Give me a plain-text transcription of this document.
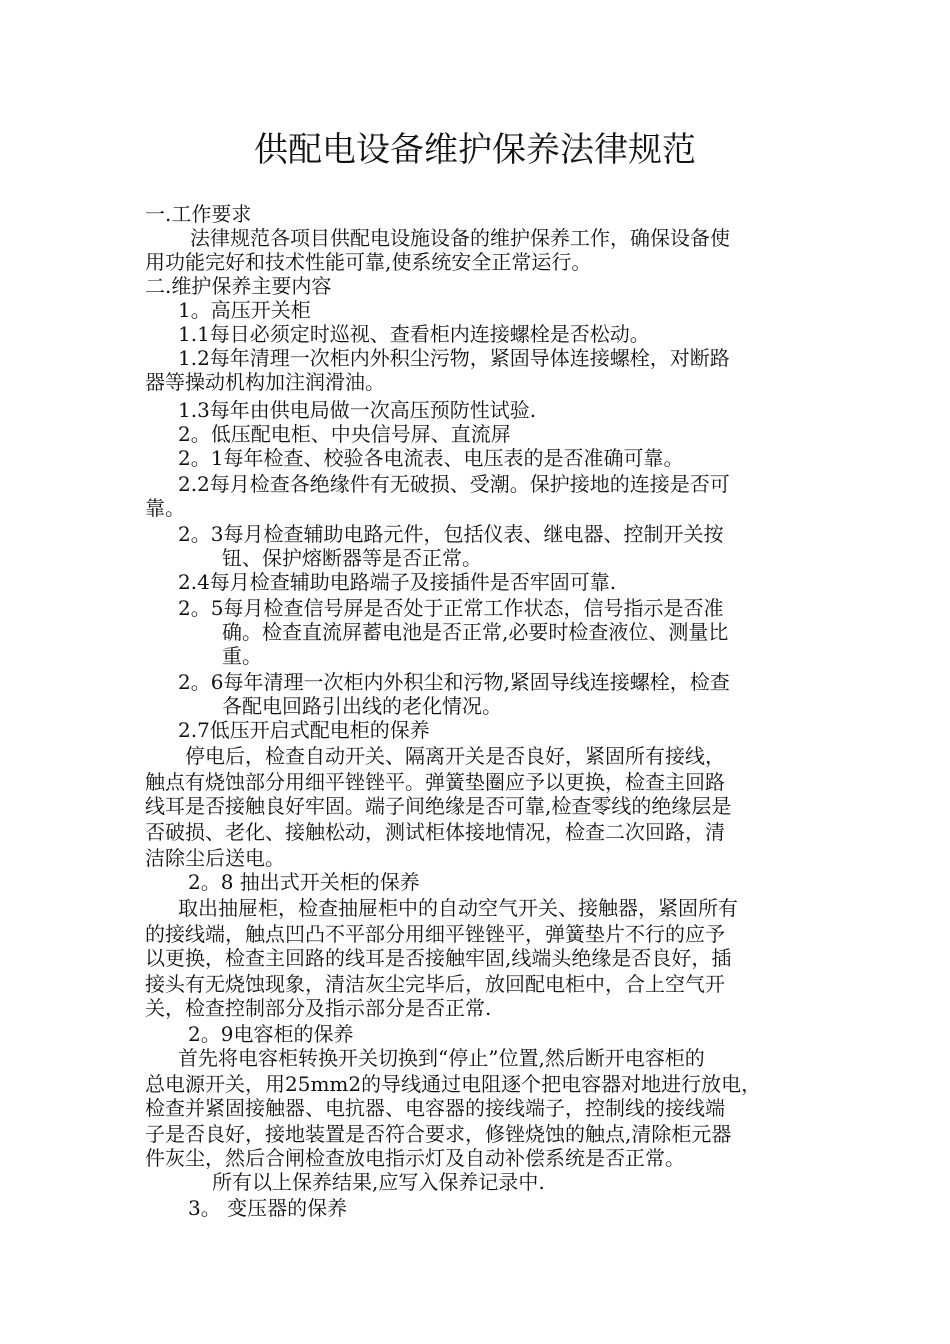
供配电设备维护保养法律规范
一.工作要求
法律规范各项目供配电设施设备的维护保养工作，确保设备使
用功能完好和技术性能可靠,使系统安全正常运行。
二.维护保养主要内容
1。高压开关柜
1.1每日必须定时巡视、查看柜内连接螺栓是否松动。
1.2每年清理一次柜内外积尘污物，紧固导体连接螺栓，对断路
器等操动机构加注润滑油。
1.3每年由供电局做一次高压预防性试验.
2。低压配电柜、中央信号屏、直流屏
2。1每年检查、校验各电流表、电压表的是否准确可靠。
2.2每月检查各绝缘件有无破损、受潮。保护接地的连接是否可
靠。
2。3每月检查辅助电路元件，包括仪表、继电器、控制开关按
钮、保护熔断器等是否正常。
2.4每月检查辅助电路端子及接插件是否牢固可靠.
2。5每月检查信号屏是否处于正常工作状态，信号指示是否准
确。检查直流屏蓄电池是否正常,必要时检查液位、测量比
重。
2。6每年清理一次柜内外积尘和污物,紧固导线连接螺栓，检查
各配电回路引出线的老化情况。
2.7低压开启式配电柜的保养
停电后，检查自动开关、隔离开关是否良好，紧固所有接线，
触点有烧蚀部分用细平锉锉平。弹簧垫圈应予以更换，检查主回路
线耳是否接触良好牢固。端子间绝缘是否可靠,检查零线的绝缘层是
否破损、老化、接触松动，测试柜体接地情况，检查二次回路，清
洁除尘后送电。
2。8 抽出式开关柜的保养
取出抽屉柜，检查抽屉柜中的自动空气开关、接触器，紧固所有
的接线端，触点凹凸不平部分用细平锉锉平，弹簧垫片不行的应予
以更换，检查主回路的线耳是否接触牢固,线端头绝缘是否良好，插
接头有无烧蚀现象，清洁灰尘完毕后，放回配电柜中，合上空气开
关，检查控制部分及指示部分是否正常.
2。9电容柜的保养
首先将电容柜转换开关切换到“停止”位置,然后断开电容柜的
总电源开关，用25mm2的导线通过电阻逐个把电容器对地进行放电，
检查并紧固接触器、电抗器、电容器的接线端子，控制线的接线端
子是否良好，接地装置是否符合要求，修锉烧蚀的触点,清除柜元器
件灰尘，然后合闸检查放电指示灯及自动补偿系统是否正常。
所有以上保养结果,应写入保养记录中.
3。 变压器的保养
